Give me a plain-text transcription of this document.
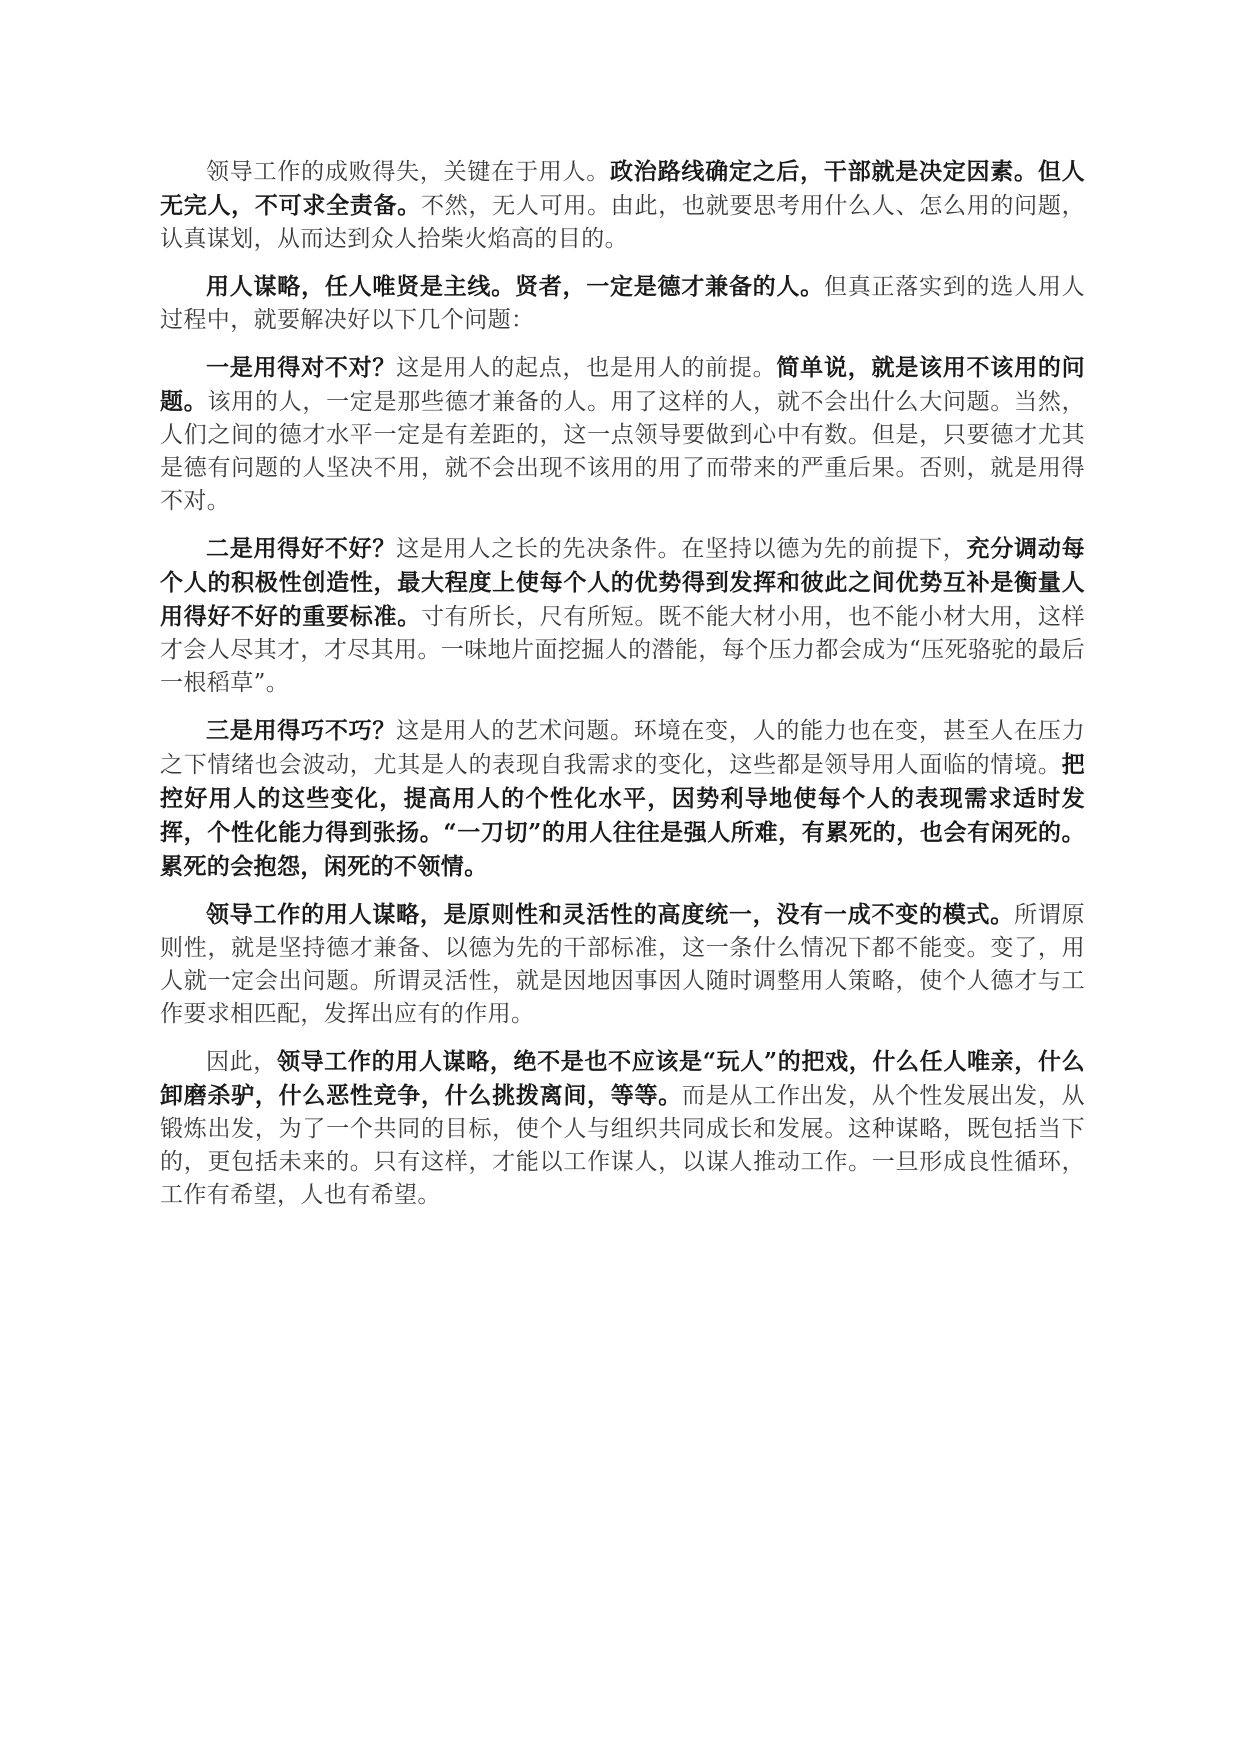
领导工作的成败得失，关键在于用人。政治路线确定之后，干部就是决定因素。但人无完人，不可求全责备。不然，无人可用。由此，也就要思考用什么人、怎么用的问题，认真谋划，从而达到众人拾柴火焰高的目的。

用人谋略，任人唯贤是主线。贤者，一定是德才兼备的人。但真正落实到的选人用人过程中，就要解决好以下几个问题：

一是用得对不对？这是用人的起点，也是用人的前提。简单说，就是该用不该用的问题。该用的人，一定是那些德才兼备的人。用了这样的人，就不会出什么大问题。当然，人们之间的德才水平一定是有差距的，这一点领导要做到心中有数。但是，只要德才尤其是德有问题的人坚决不用，就不会出现不该用的用了而带来的严重后果。否则，就是用得不对。

二是用得好不好？这是用人之长的先决条件。在坚持以德为先的前提下，充分调动每个人的积极性创造性，最大程度上使每个人的优势得到发挥和彼此之间优势互补是衡量人用得好不好的重要标准。寸有所长，尺有所短。既不能大材小用，也不能小材大用，这样才会人尽其才，才尽其用。一味地片面挖掘人的潜能，每个压力都会成为“压死骆驼的最后一根稻草”。

三是用得巧不巧？这是用人的艺术问题。环境在变，人的能力也在变，甚至人在压力之下情绪也会波动，尤其是人的表现自我需求的变化，这些都是领导用人面临的情境。把控好用人的这些变化，提高用人的个性化水平，因势利导地使每个人的表现需求适时发挥，个性化能力得到张扬。“一刀切”的用人往往是强人所难，有累死的，也会有闲死的。累死的会抱怨，闲死的不领情。

领导工作的用人谋略，是原则性和灵活性的高度统一，没有一成不变的模式。所谓原则性，就是坚持德才兼备、以德为先的干部标准，这一条什么情况下都不能变。变了，用人就一定会出问题。所谓灵活性，就是因地因事因人随时调整用人策略，使个人德才与工作要求相匹配，发挥出应有的作用。

因此，领导工作的用人谋略，绝不是也不应该是“玩人”的把戏，什么任人唯亲，什么卸磨杀驴，什么恶性竞争，什么挑拨离间，等等。而是从工作出发，从个性发展出发，从锻炼出发，为了一个共同的目标，使个人与组织共同成长和发展。这种谋略，既包括当下的，更包括未来的。只有这样，才能以工作谋人，以谋人推动工作。一旦形成良性循环，工作有希望，人也有希望。
